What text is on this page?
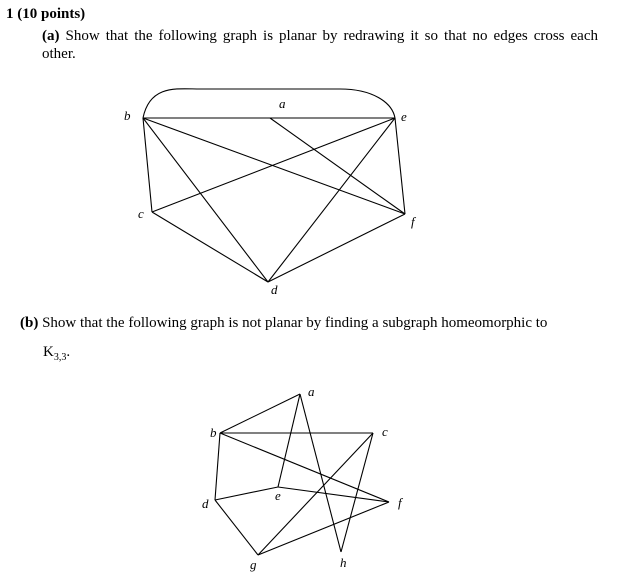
1 (10 points)
(a) Show that the following graph is planar by redrawing it so that no edges cross each other.
(b) Show that the following graph is not planar by finding a subgraph homeomorphic to
$K_{3,3}$.
a
b
c
d
e
f
a
b	c
d
e	f
g	h
